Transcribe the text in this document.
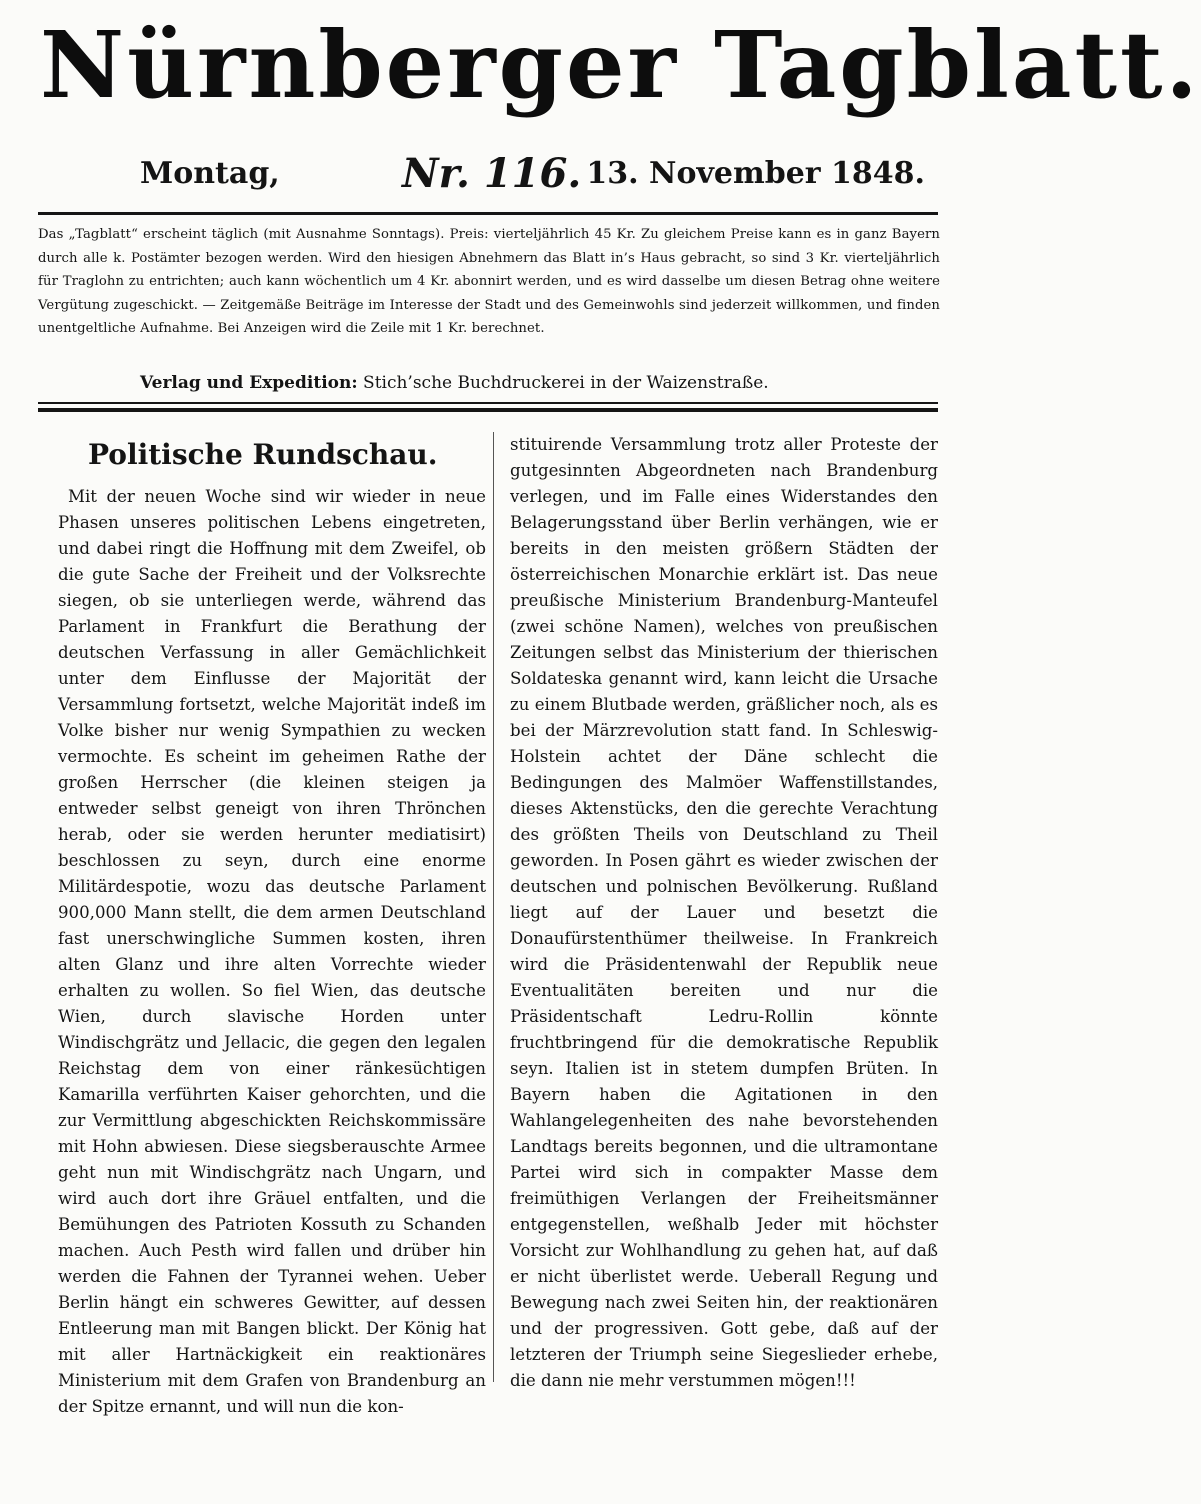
Nürnberger Tagblatt.
Montag,	Nr. 116. 13. November 1848.
Das „Tagblatt“ erscheint täglich (mit Ausnahme Sonntags). Preis: vierteljährlich 45 Kr. Zu gleichem Preise kann es in ganz Bayern durch alle k. Postämter bezogen werden. Wird den hiesigen Abnehmern das Blatt in’s Haus gebracht, so sind 3 Kr. vierteljährlich für Traglohn zu entrichten; auch kann wöchentlich um 4 Kr. abonnirt werden, und es wird dasselbe um diesen Betrag ohne weitere Vergütung zugeschickt. — Zeitgemäße Beiträge im Interesse der Stadt und des Gemeinwohls sind jederzeit willkommen, und finden unentgeltliche Aufnahme. Bei Anzeigen wird die Zeile mit 1 Kr. berechnet.
Verlag und Expedition: Stich’sche Buchdruckerei in der Waizenstraße.
Politische Rundschau.
Mit der neuen Woche sind wir wieder in neue Phasen unseres politischen Lebens eingetreten, und dabei ringt die Hoffnung mit dem Zweifel, ob die gute Sache der Freiheit und der Volksrechte siegen, ob sie unterliegen werde, während das Parlament in Frankfurt die Berathung der deutschen Verfassung in aller Gemächlichkeit unter dem Einflusse der Majorität der Versammlung fortsetzt, welche Majorität indeß im Volke bisher nur wenig Sympathien zu wecken vermochte. Es scheint im geheimen Rathe der großen Herrscher (die kleinen steigen ja entweder selbst geneigt von ihren Thrönchen herab, oder sie werden herunter mediatisirt) beschlossen zu seyn, durch eine enorme Militärdespotie, wozu das deutsche Parlament 900,000 Mann stellt, die dem armen Deutschland fast unerschwingliche Summen kosten, ihren alten Glanz und ihre alten Vorrechte wieder erhalten zu wollen. So fiel Wien, das deutsche Wien, durch slavische Horden unter Windischgrätz und Jellacic, die gegen den legalen Reichstag dem von einer ränkesüchtigen Kamarilla verführten Kaiser gehorchten, und die zur Vermittlung abgeschickten Reichskommissäre mit Hohn abwiesen. Diese siegsberauschte Armee geht nun mit Windischgrätz nach Ungarn, und wird auch dort ihre Gräuel entfalten, und die Bemühungen des Patrioten Kossuth zu Schanden machen. Auch Pesth wird fallen und drüber hin werden die Fahnen der Tyrannei wehen. Ueber Berlin hängt ein schweres Gewitter, auf dessen Entleerung man mit Bangen blickt. Der König hat mit aller Hartnäckigkeit ein reaktionäres Ministerium mit dem Grafen von Brandenburg an der Spitze ernannt, und will nun die kon-
stituirende Versammlung trotz aller Proteste der gutgesinnten Abgeordneten nach Brandenburg verlegen, und im Falle eines Widerstandes den Belagerungsstand über Berlin verhängen, wie er bereits in den meisten größern Städten der österreichischen Monarchie erklärt ist. Das neue preußische Ministerium Brandenburg-Manteufel (zwei schöne Namen), welches von preußischen Zeitungen selbst das Ministerium der thierischen Soldateska genannt wird, kann leicht die Ursache zu einem Blutbade werden, gräßlicher noch, als es bei der Märzrevolution statt fand. In Schleswig-Holstein achtet der Däne schlecht die Bedingungen des Malmöer Waffenstillstandes, dieses Aktenstücks, den die gerechte Verachtung des größten Theils von Deutschland zu Theil geworden. In Posen gährt es wieder zwischen der deutschen und polnischen Bevölkerung. Rußland liegt auf der Lauer und besetzt die Donaufürstenthümer theilweise. In Frankreich wird die Präsidentenwahl der Republik neue Eventualitäten bereiten und nur die Präsidentschaft Ledru-Rollin könnte fruchtbringend für die demokratische Republik seyn. Italien ist in stetem dumpfen Brüten. In Bayern haben die Agitationen in den Wahlangelegenheiten des nahe bevorstehenden Landtags bereits begonnen, und die ultramontane Partei wird sich in compakter Masse dem freimüthigen Verlangen der Freiheitsmänner entgegenstellen, weßhalb Jeder mit höchster Vorsicht zur Wohlhandlung zu gehen hat, auf daß er nicht überlistet werde. Ueberall Regung und Bewegung nach zwei Seiten hin, der reaktionären und der progressiven. Gott gebe, daß auf der letzteren der Triumph seine Siegeslieder erhebe, die dann nie mehr verstummen mögen!!!
